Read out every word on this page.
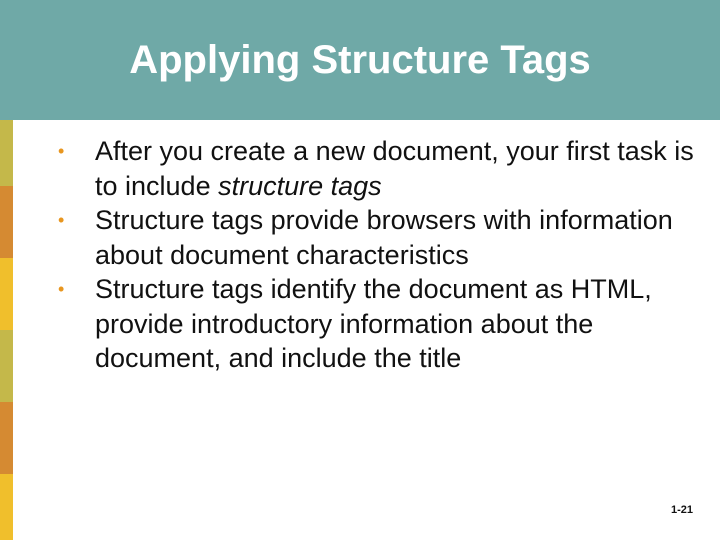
Applying Structure Tags
• After you create a new document, your first task is to include structure tags
• Structure tags provide browsers with information about document characteristics
• Structure tags identify the document as HTML, provide introductory information about the document, and include the title
1-21
